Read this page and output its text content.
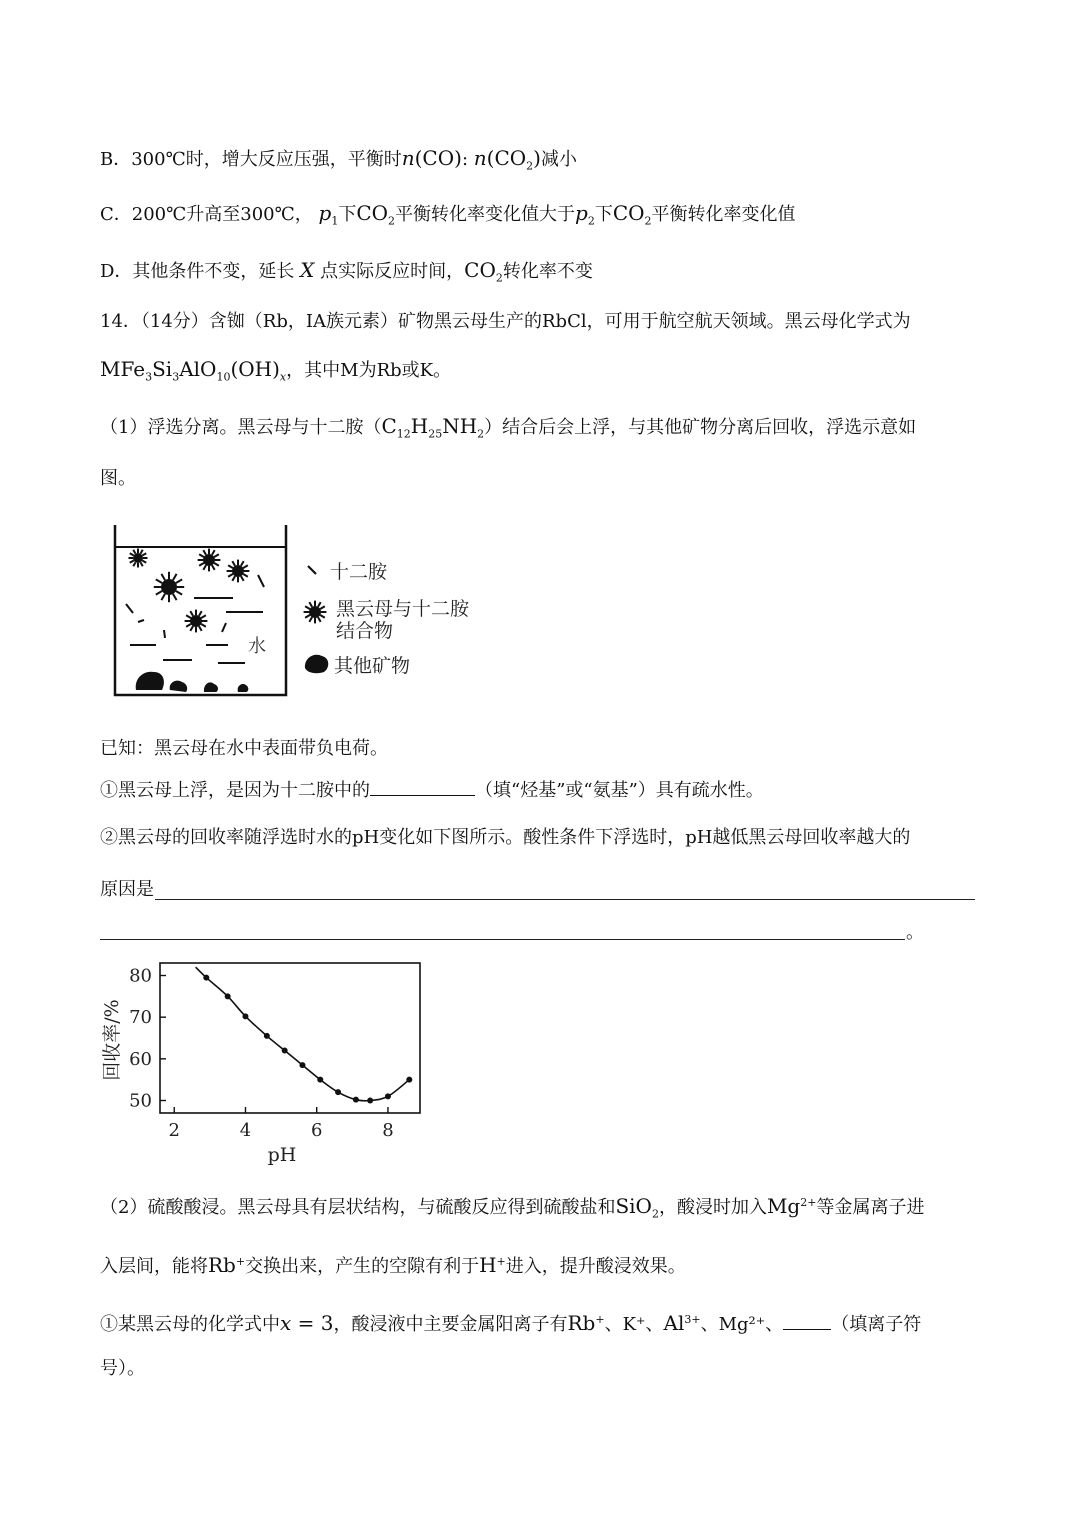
B．300℃时，增大反应压强，平衡时n(CO): $n(CO_2)$减小
C．200℃升高至300℃， $p_1$下$CO_2$平衡转化率变化值大于$p_2$下$CO_2$平衡转化率变化值
D．其他条件不变，延长 X 点实际反应时间，$CO_2$转化率不变
14．（14分）含铷（Rb，ⅠA族元素）矿物黑云母生产的RbCl，可用于航空航天领域。黑云母化学式为
$MFe_3Si_3AlO_{10}(OH)_x$，其中M为Rb或K。
（1）浮选分离。黑云母与十二胺$(C_{12}H_{25}NH_2)$结合后会上浮，与其他矿物分离后回收，浮选示意如
图。
水
十二胺
黑云母与十二胺
结合物
其他矿物
已知：黑云母在水中表面带负电荷。
①黑云母上浮，是因为十二胺中的	（填“烃基”或“氨基”）具有疏水性。
②黑云母的回收率随浮选时水的pH变化如下图所示。酸性条件下浮选时，pH越低黑云母回收率越大的
原因是
。
2	4	6	8
50
60
70
80
pH
回收率/%
（2）硫酸酸浸。黑云母具有层状结构，与硫酸反应得到硫酸盐和SiO$_2$，酸浸时加入$Mg^{2+}$等金属离子进
入层间，能将Rb+交换出来，产生的空隙有利于H+进入，提升酸浸效果。
①某黑云母的化学式中x = 3，酸浸液中主要金属阳离子有Rb+、K⁺、$Al^{3+}$、Mg²⁺、	（填离子符
号）。
